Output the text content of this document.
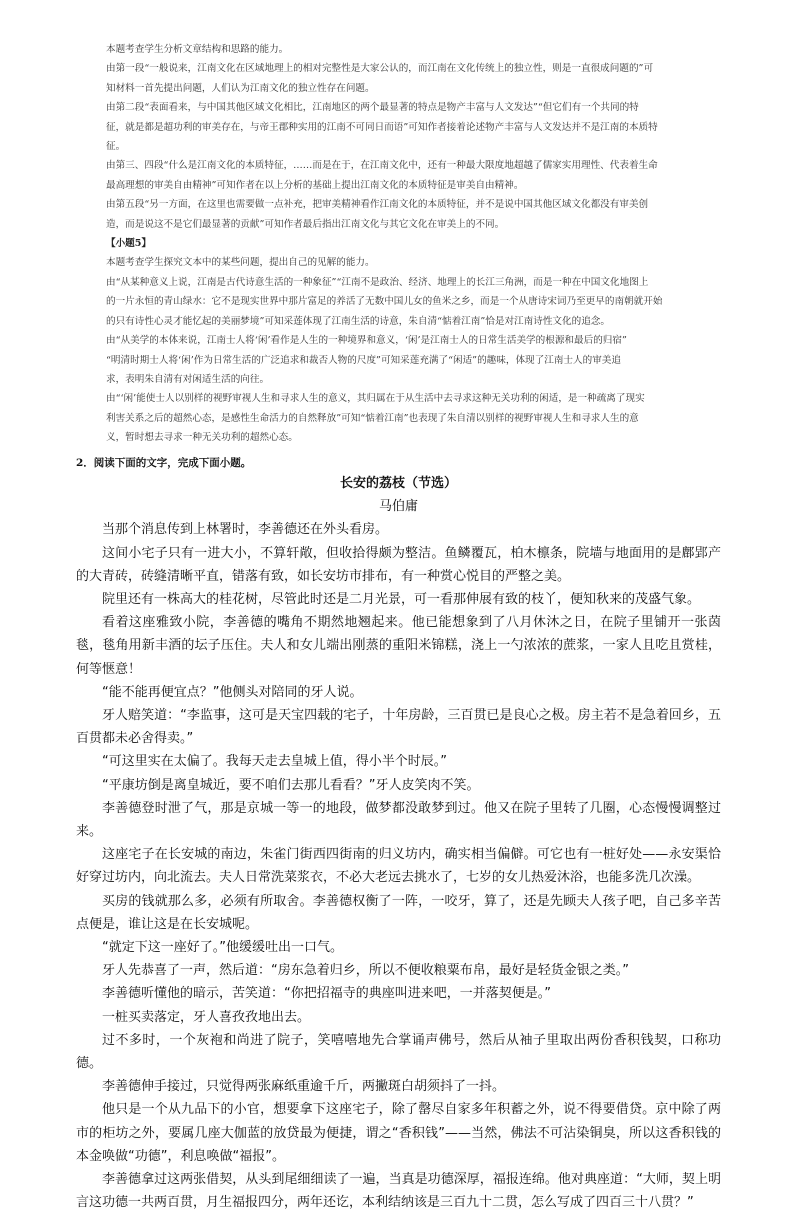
本题考查学生分析文章结构和思路的能力。

由第一段“一般说来，江南文化在区域地理上的相对完整性是大家公认的，而江南在文化传统上的独立性，则是一直很成问题的”可

知材料一首先提出问题，人们认为江南文化的独立性存在问题。

由第二段“表面看来，与中国其他区域文化相比，江南地区的两个最显著的特点是物产丰富与人文发达”“但它们有一个共同的特

征，就是都是超功利的审美存在，与帝王郡种实用的江南不可同日而语”可知作者接着论述物产丰富与人文发达并不是江南的本质特

征。

由第三、四段“什么是江南文化的本质特征，……而是在于，在江南文化中，还有一种最大限度地超越了儒家实用理性、代表着生命

最高理想的审美自由精神”可知作者在以上分析的基础上提出江南文化的本质特征是审美自由精神。

由第五段“另一方面，在这里也需要做一点补充，把审美精神看作江南文化的本质特征，并不是说中国其他区域文化都没有审美创

造，而是说这不是它们最显著的贡献”可知作者最后指出江南文化与其它文化在审美上的不同。

【小题5】

本题考查学生探究文本中的某些问题，提出自己的见解的能力。

由“从某种意义上说，江南是古代诗意生活的一种象征”“江南不是政治、经济、地理上的长江三角洲，而是一种在中国文化地图上

的一片永恒的青山绿水：它不是现实世界中那片富足的养活了无数中国儿女的鱼米之乡，而是一个从唐诗宋词乃至更早的南朝就开始

的只有诗性心灵才能忆起的美丽梦境”可知采莲体现了江南生活的诗意，朱自清“惦着江南”恰是对江南诗性文化的追念。

由“从美学的本体来说，江南士人将‘闲’看作是人生的一种境界和意义，‘闲’是江南士人的日常生活美学的根源和最后的归宿”

“明清时期士人将‘闲’作为日常生活的广泛追求和裁否人物的尺度”可知采莲充满了“闲适”的趣味，体现了江南士人的审美追

求，表明朱自清有对闲适生活的向往。

由“‘闲’能使士人以别样的视野审视人生和寻求人生的意义，其归属在于从生活中去寻求这种无关功利的闲适，是一种疏离了现实

利害关系之后的超然心态，是感性生命活力的自然释放”可知“惦着江南”也表现了朱自清以别样的视野审视人生和寻求人生的意

义，暂时想去寻求一种无关功利的超然心态。

2．阅读下面的文字，完成下面小题。

长安的荔枝（节选）

马伯庸

当那个消息传到上林署时，李善德还在外头看房。

这间小宅子只有一进大小，不算轩敞，但收拾得颇为整洁。鱼鳞覆瓦，柏木檩条，院墙与地面用的是鄜郢产的大青砖，砖缝清晰平直，错落有致，如长安坊市排布，有一种赏心悦目的严整之美。

院里还有一株高大的桂花树，尽管此时还是二月光景，可一看那伸展有致的枝丫，便知秋来的茂盛气象。

看着这座雅致小院，李善德的嘴角不期然地翘起来。他已能想象到了八月休沐之日，在院子里铺开一张茵毯，毯角用新丰酒的坛子压住。夫人和女儿端出刚蒸的重阳米锦糕，浇上一勺浓浓的蔗浆，一家人且吃且赏桂，何等惬意！

“能不能再便宜点？”他侧头对陪同的牙人说。

牙人赔笑道：“李监事，这可是天宝四载的宅子，十年房龄，三百贯已是良心之极。房主若不是急着回乡，五百贯都未必舍得卖。”

“可这里实在太偏了。我每天走去皇城上值，得小半个时辰。”

“平康坊倒是离皇城近，要不咱们去那儿看看？”牙人皮笑肉不笑。

李善德登时泄了气，那是京城一等一的地段，做梦都没敢梦到过。他又在院子里转了几圈，心态慢慢调整过来。

这座宅子在长安城的南边，朱雀门街西四街南的归义坊内，确实相当偏僻。可它也有一桩好处——永安渠恰好穿过坊内，向北流去。夫人日常洗菜浆衣，不必大老远去挑水了，七岁的女儿热爱沐浴，也能多洗几次澡。

买房的钱就那么多，必须有所取舍。李善德权衡了一阵，一咬牙，算了，还是先顾夫人孩子吧，自己多辛苦点便是，谁让这是在长安城呢。

“就定下这一座好了。”他缓缓吐出一口气。

牙人先恭喜了一声，然后道：“房东急着归乡，所以不便收粮粟布帛，最好是轻货金银之类。”

李善德听懂他的暗示，苦笑道：“你把招福寺的典座叫进来吧，一并落契便是。”

一桩买卖落定，牙人喜孜孜地出去。

过不多时，一个灰袍和尚进了院子，笑嘻嘻地先合掌诵声佛号，然后从袖子里取出两份香积钱契，口称功德。

李善德伸手接过，只觉得两张麻纸重逾千斤，两撇斑白胡须抖了一抖。

他只是一个从九品下的小官，想要拿下这座宅子，除了罄尽自家多年积蓄之外，说不得要借贷。京中除了两市的柜坊之外，要属几座大伽蓝的放贷最为便捷，谓之“香积钱”——当然，佛法不可沾染铜臭，所以这香积钱的本金唤做“功德”，利息唤做“福报”。

李善德拿过这两张借契，从头到尾细细读了一遍，当真是功德深厚，福报连绵。他对典座道：“大师，契上明言这功德一共两百贯，月生福报四分，两年还讫，本利结纳该是三百九十二贯，怎么写成了四百三十八贯？”
